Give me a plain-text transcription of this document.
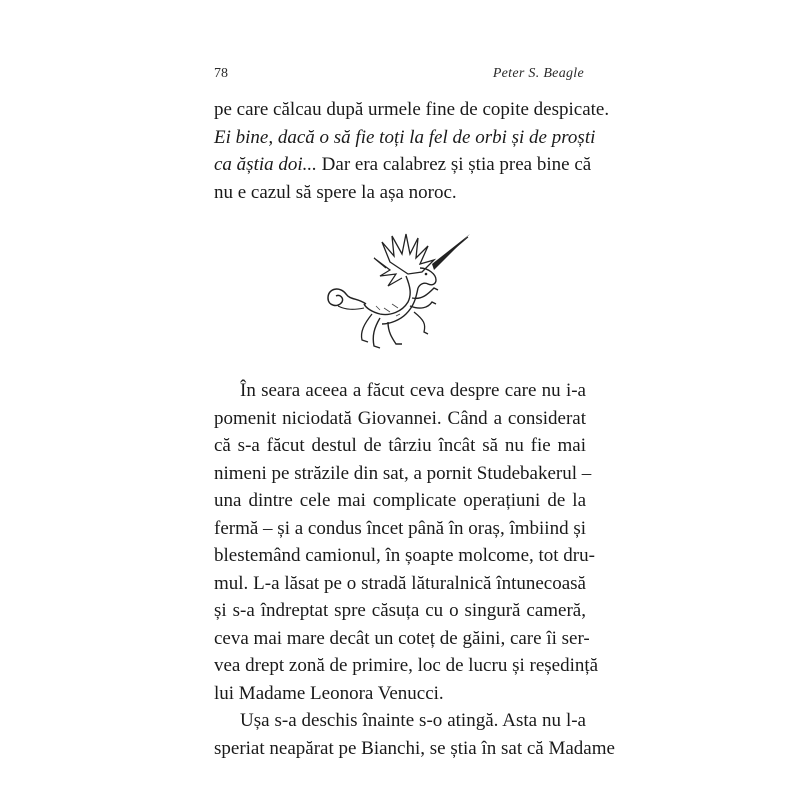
78	Peter S. Beagle
pe care călcau după urmele fine de copite despicate.
Ei bine, dacă o să fie toți la fel de orbi și de proști
ca ăștia doi... Dar era calabrez și știa prea bine că
nu e cazul să spere la așa noroc.
În seara aceea a făcut ceva despre care nu i-a
pomenit niciodată Giovannei. Când a considerat
că s-a făcut destul de târziu încât să nu fie mai
nimeni pe străzile din sat, a pornit Studebakerul –
una dintre cele mai complicate operațiuni de la
fermă – și a condus încet până în oraș, îmbiind și
blestemând camionul, în șoapte molcome, tot dru-
mul. L-a lăsat pe o stradă lăturalnică întunecoasă
și s-a îndreptat spre căsuța cu o singură cameră,
ceva mai mare decât un coteț de găini, care îi ser-
vea drept zonă de primire, loc de lucru și reședință
lui Madame Leonora Venucci.
Ușa s-a deschis înainte s-o atingă. Asta nu l-a
speriat neapărat pe Bianchi, se știa în sat că Madame
